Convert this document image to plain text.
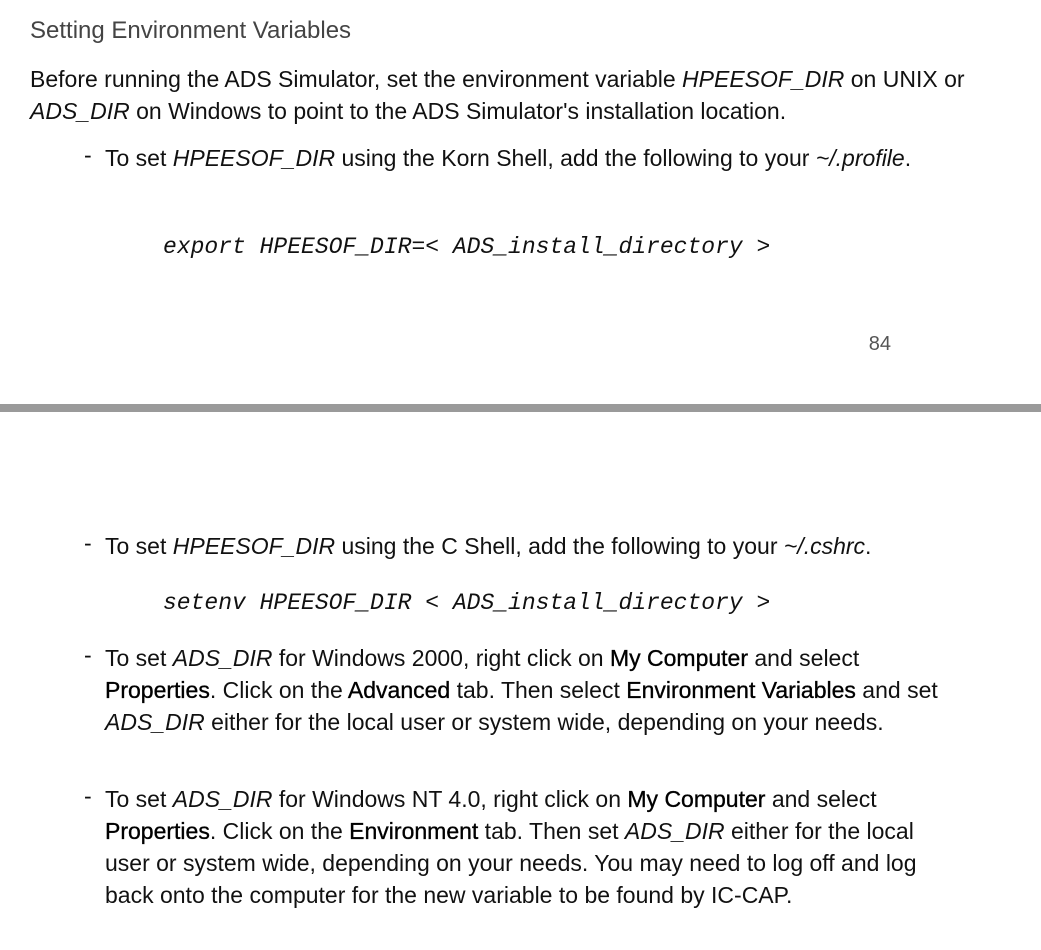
Setting Environment Variables

Before running the ADS Simulator, set the environment variable HPEESOF_DIR on UNIX or ADS_DIR on Windows to point to the ADS Simulator's installation location.

- To set HPEESOF_DIR using the Korn Shell, add the following to your ~/.profile.
export HPEESOF_DIR=< ADS_install_directory >
84
- To set HPEESOF_DIR using the C Shell, add the following to your ~/.cshrc.
setenv HPEESOF_DIR < ADS_install_directory >
- To set ADS_DIR for Windows 2000, right click on My Computer and select Properties. Click on the Advanced tab. Then select Environment Variables and set ADS_DIR either for the local user or system wide, depending on your needs.
- To set ADS_DIR for Windows NT 4.0, right click on My Computer and select Properties. Click on the Environment tab. Then set ADS_DIR either for the local user or system wide, depending on your needs. You may need to log off and log back onto the computer for the new variable to be found by IC-CAP.
